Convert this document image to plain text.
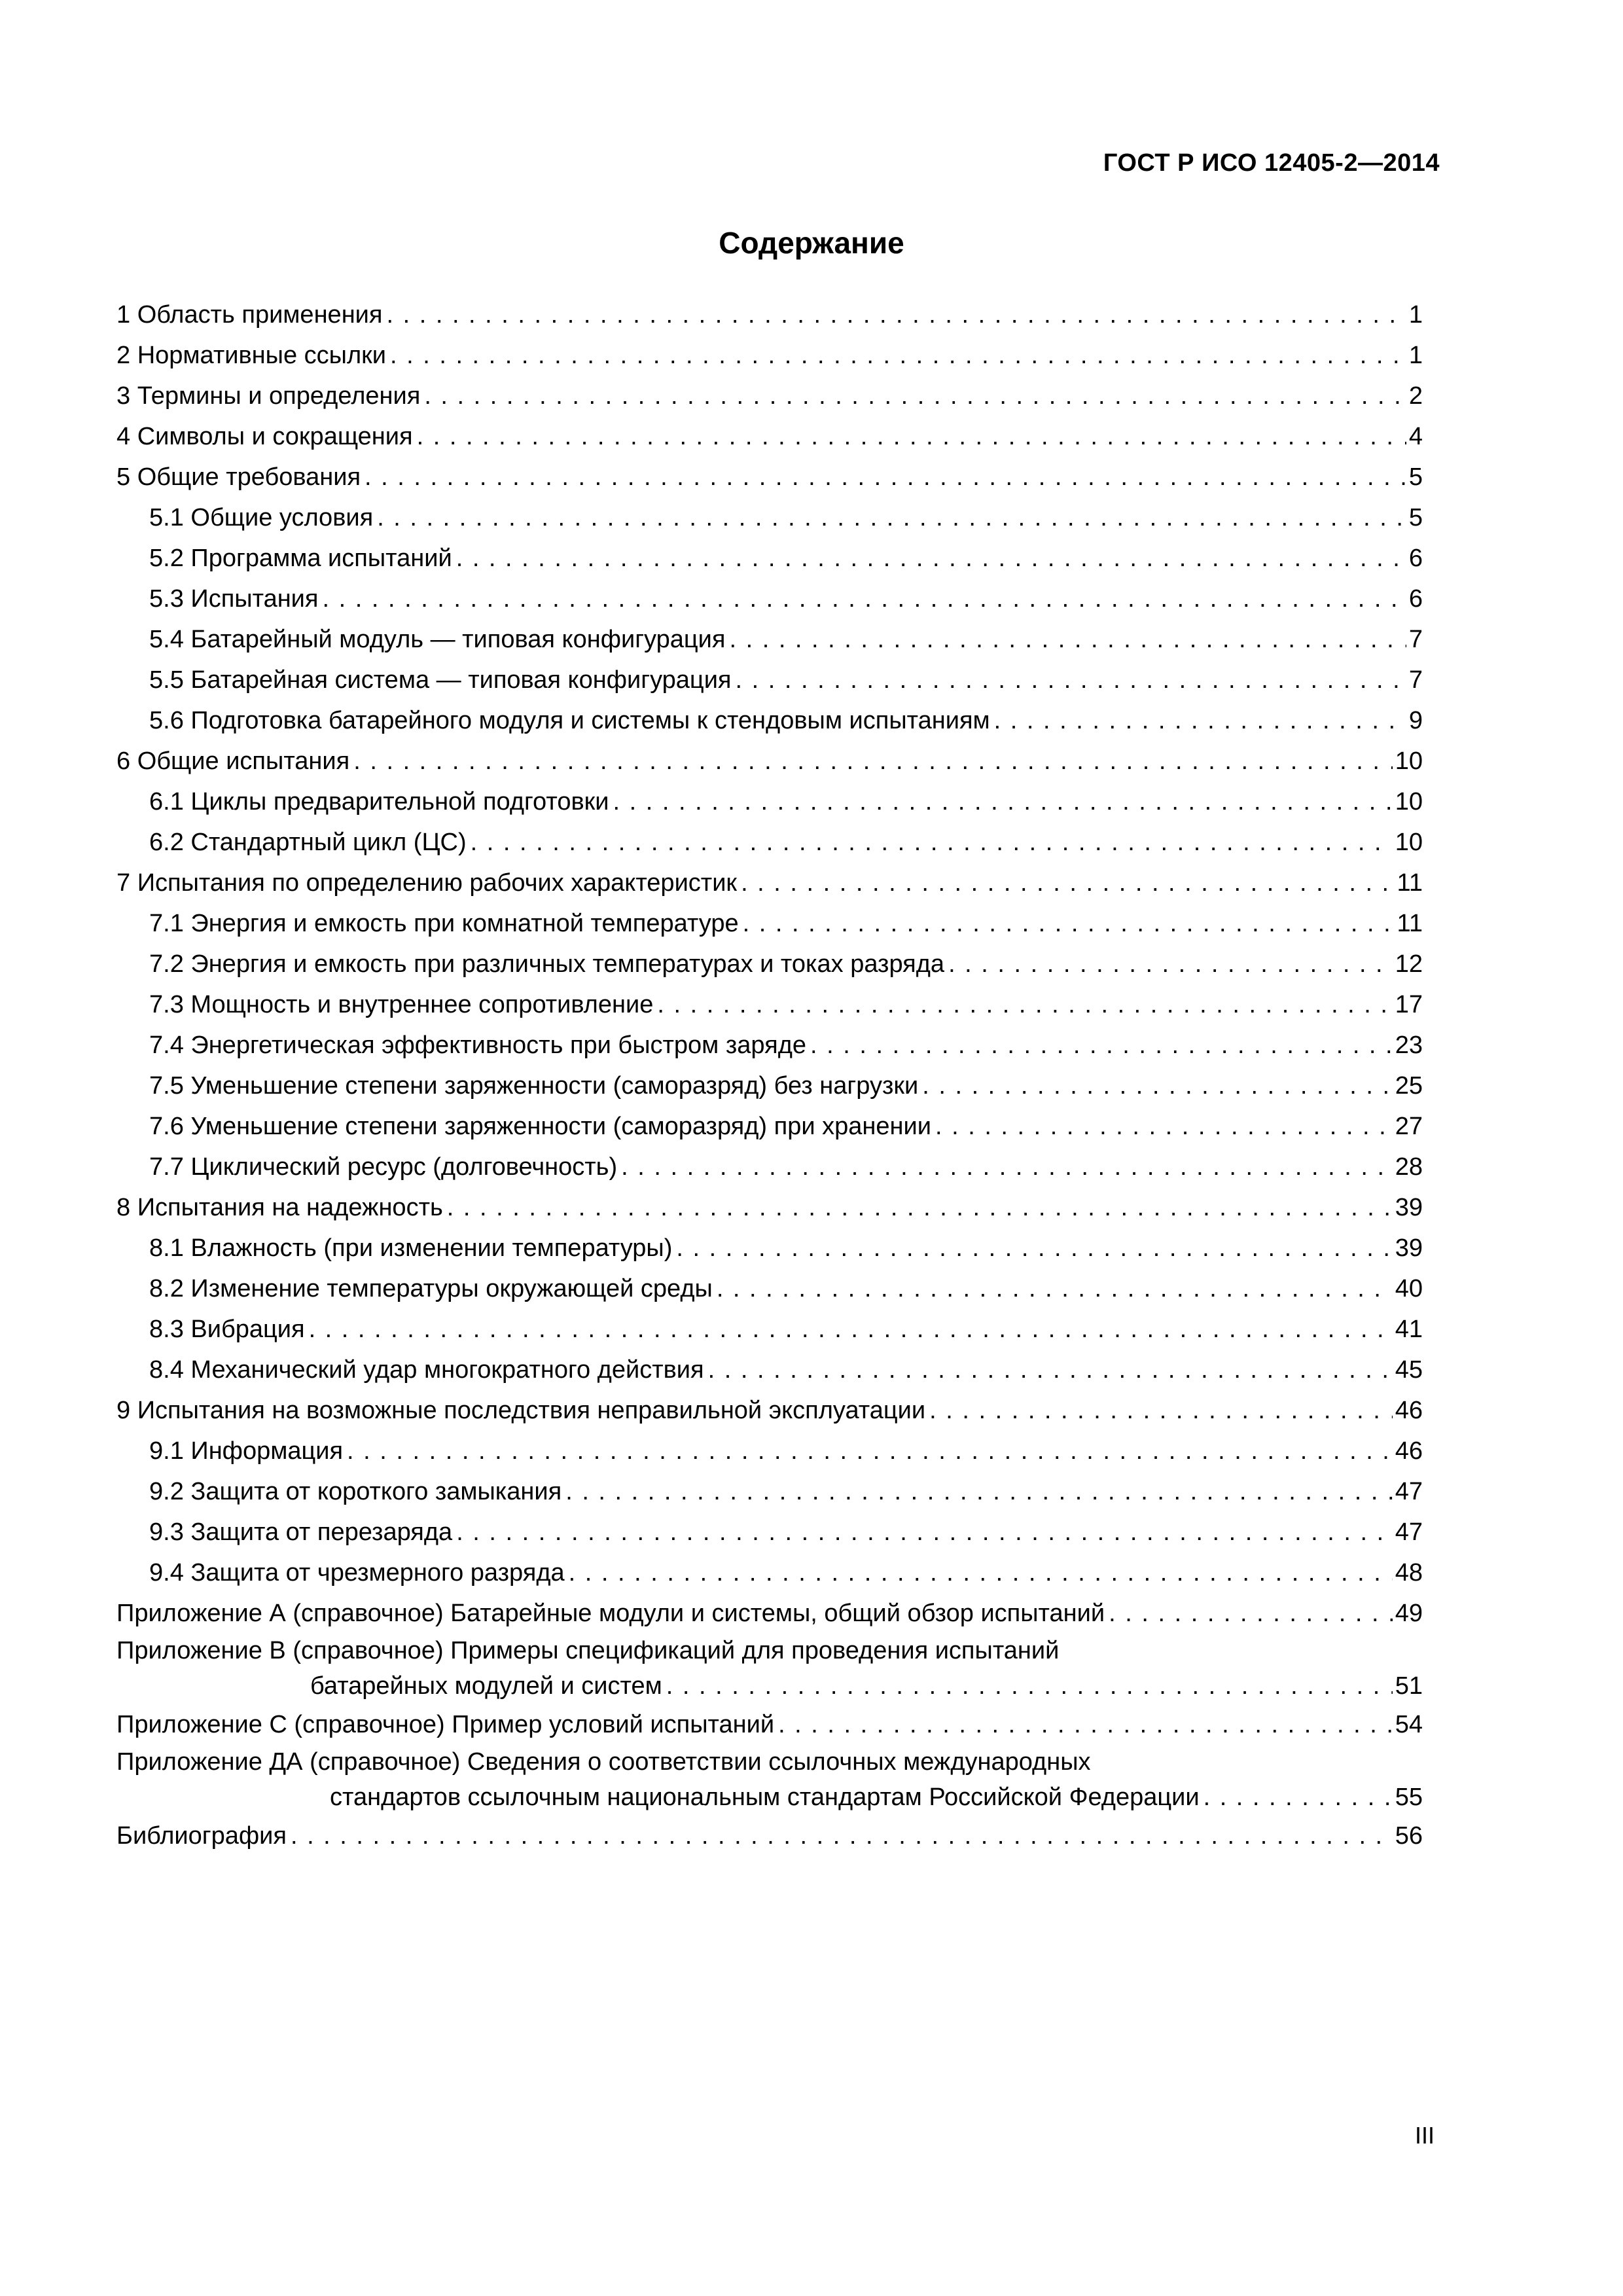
ГОСТ Р ИСО 12405-2—2014
Содержание
1 Область применения . . .	1
2 Нормативные ссылки . . .	1
3 Термины и определения . . .	2
4 Символы и сокращения . . .	4
5 Общие требования . . .	5
5.1 Общие условия . . .	5
5.2 Программа испытаний . . .	6
5.3 Испытания . . .	6
5.4 Батарейный модуль — типовая конфигурация . . .	7
5.5 Батарейная система — типовая конфигурация . . .	7
5.6 Подготовка батарейного модуля и системы к стендовым испытаниям . . .	9
6 Общие испытания . . .	10
6.1 Циклы предварительной подготовки . . .	10
6.2 Стандартный цикл (ЦС) . . .	10
7 Испытания по определению рабочих характеристик . . .	11
7.1 Энергия и емкость при комнатной температуре . . .	11
7.2 Энергия и емкость при различных температурах и токах разряда . . .	12
7.3 Мощность и внутреннее сопротивление . . .	17
7.4 Энергетическая эффективность при быстром заряде . . .	23
7.5 Уменьшение степени заряженности (саморазряд) без нагрузки . . .	25
7.6 Уменьшение степени заряженности (саморазряд) при хранении . . .	27
7.7 Циклический ресурс (долговечность) . . .	28
8 Испытания на надежность . . .	39
8.1 Влажность (при изменении температуры) . . .	39
8.2 Изменение температуры окружающей среды . . .	40
8.3 Вибрация . . .	41
8.4 Механический удар многократного действия . . .	45
9 Испытания на возможные последствия неправильной эксплуатации . . .	46
9.1 Информация . . .	46
9.2 Защита от короткого замыкания . . .	47
9.3 Защита от перезаряда . . .	47
9.4 Защита от чрезмерного разряда . . .	48
Приложение А (справочное) Батарейные модули и системы, общий обзор испытаний . . .	49
Приложение В (справочное) Примеры спецификаций для проведения испытаний
батарейных модулей и систем . . .	51
Приложение С (справочное) Пример условий испытаний . . .	54
Приложение ДА (справочное) Сведения о соответствии ссылочных международных
стандартов ссылочным национальным стандартам Российской Федерации . . .	55
Библиография . . .	56
III
